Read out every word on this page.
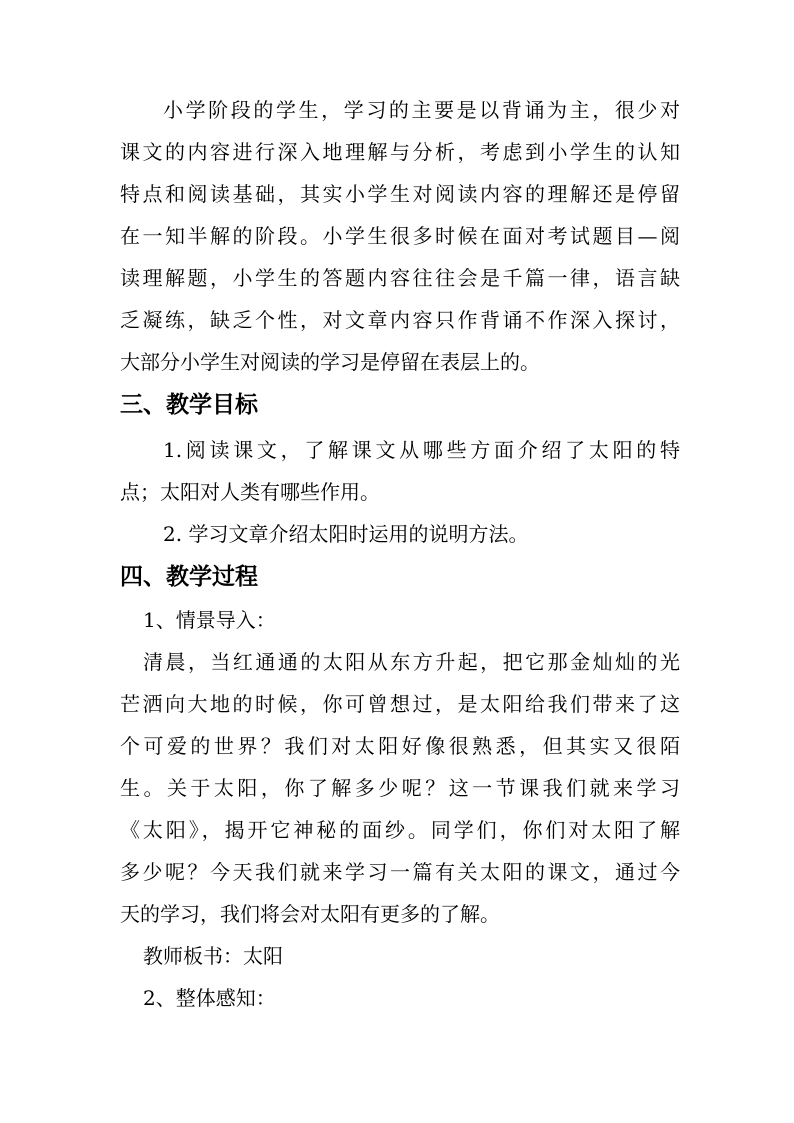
小学阶段的学生，学习的主要是以背诵为主，很少对
课文的内容进行深入地理解与分析，考虑到小学生的认知
特点和阅读基础，其实小学生对阅读内容的理解还是停留
在一知半解的阶段。小学生很多时候在面对考试题目—阅
读理解题，小学生的答题内容往往会是千篇一律，语言缺
乏凝练，缺乏个性，对文章内容只作背诵不作深入探讨，
大部分小学生对阅读的学习是停留在表层上的。
三、教学目标
1.阅读课文，了解课文从哪些方面介绍了太阳的特
点；太阳对人类有哪些作用。
2. 学习文章介绍太阳时运用的说明方法。
四、教学过程
1、情景导入：
清晨，当红通通的太阳从东方升起，把它那金灿灿的光
芒洒向大地的时候，你可曾想过，是太阳给我们带来了这
个可爱的世界？我们对太阳好像很熟悉，但其实又很陌
生。关于太阳，你了解多少呢？这一节课我们就来学习
《太阳》，揭开它神秘的面纱。同学们，你们对太阳了解
多少呢？今天我们就来学习一篇有关太阳的课文，通过今
天的学习，我们将会对太阳有更多的了解。
教师板书：太阳
2、整体感知：
